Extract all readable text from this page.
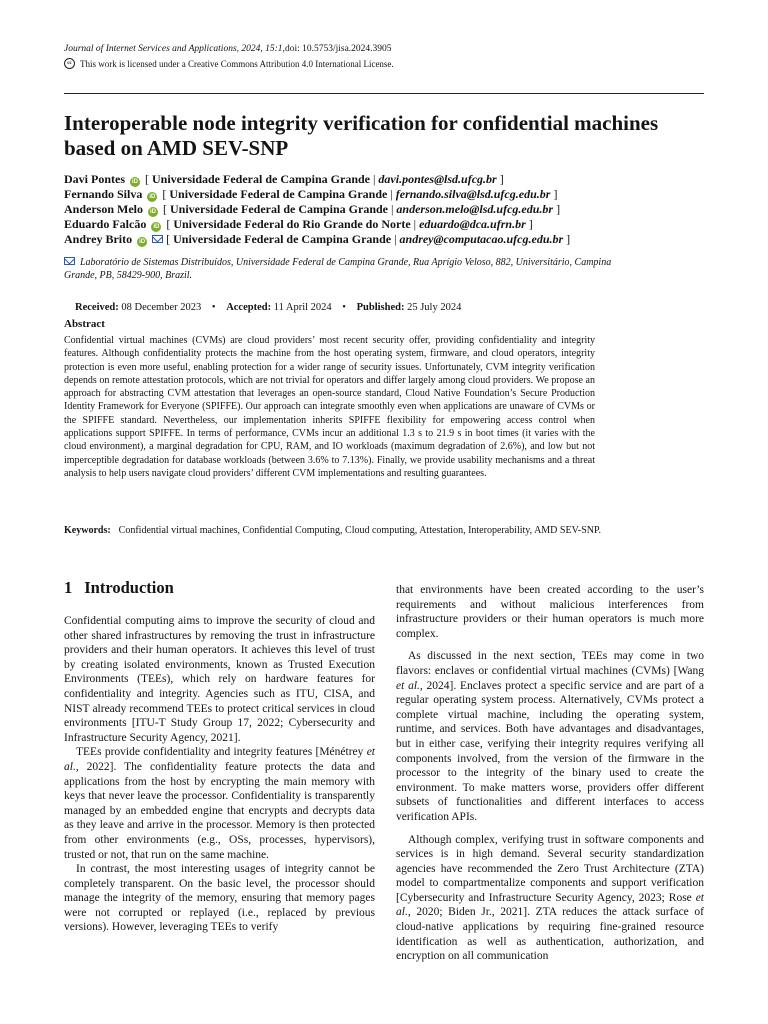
Journal of Internet Services and Applications, 2024, 15:1,doi: 10.5753/jisa.2024.3905
cc This work is licensed under a Creative Commons Attribution 4.0 International License.
Interoperable node integrity verification for confidential machines based on AMD SEV-SNP
Davi Pontes iD [ Universidade Federal de Campina Grande | davi.pontes@lsd.ufcg.br ]
Fernando Silva iD [ Universidade Federal de Campina Grande | fernando.silva@lsd.ufcg.edu.br ]
Anderson Melo iD [ Universidade Federal de Campina Grande | anderson.melo@lsd.ufcg.edu.br ]
Eduardo Falcão iD [ Universidade Federal do Rio Grande do Norte | eduardo@dca.ufrn.br ]
Andrey Brito iD [ Universidade Federal de Campina Grande | andrey@computacao.ufcg.edu.br ]
Laboratório de Sistemas Distribuídos, Universidade Federal de Campina Grande, Rua Aprígio Veloso, 882, Universitário, Campina Grande, PB, 58429-900, Brazil.
Received: 08 December 2023 • Accepted: 11 April 2024 • Published: 25 July 2024
Abstract

Confidential virtual machines (CVMs) are cloud providers’ most recent security offer, providing confidentiality and integrity features. Although confidentiality protects the machine from the host operating system, firmware, and cloud operators, integrity protection is even more useful, enabling protection for a wider range of security issues. Unfortunately, CVM integrity verification depends on remote attestation protocols, which are not trivial for operators and differ largely among cloud providers. We propose an approach for abstracting CVM attestation that leverages an open-source standard, Cloud Native Foundation’s Secure Production Identity Framework for Everyone (SPIFFE). Our approach can integrate smoothly even when applications are unaware of CVMs or the SPIFFE standard. Nevertheless, our implementation inherits SPIFFE flexibility for empowering access control when applications support SPIFFE. In terms of performance, CVMs incur an additional 1.3 s to 21.9 s in boot times (it varies with the cloud environment), a marginal degradation for CPU, RAM, and IO workloads (maximum degradation of 2.6%), and low but not imperceptible degradation for database workloads (between 3.6% to 7.13%). Finally, we provide usability mechanisms and a threat analysis to help users navigate cloud providers’ different CVM implementations and resulting guarantees.

Keywords: Confidential virtual machines, Confidential Computing, Cloud computing, Attestation, Interoperability, AMD SEV-SNP.
1 Introduction

Confidential computing aims to improve the security of cloud and other shared infrastructures by removing the trust in infrastructure providers and their human operators. It achieves this level of trust by creating isolated environments, known as Trusted Execution Environments (TEEs), which rely on hardware features for confidentiality and integrity. Agencies such as ITU, CISA, and NIST already recommend TEEs to protect critical services in cloud environments [ITU-T Study Group 17, 2022; Cybersecurity and Infrastructure Security Agency, 2021].

TEEs provide confidentiality and integrity features [Ménétrey et al., 2022]. The confidentiality feature protects the data and applications from the host by encrypting the main memory with keys that never leave the processor. Confidentiality is transparently managed by an embedded engine that encrypts and decrypts data as they leave and arrive in the processor. Memory is then protected from other environments (e.g., OSs, processes, hypervisors), trusted or not, that run on the same machine.

In contrast, the most interesting usages of integrity cannot be completely transparent. On the basic level, the processor should manage the integrity of the memory, ensuring that memory pages were not corrupted or replayed (i.e., replaced by previous versions). However, leveraging TEEs to verify

that environments have been created according to the user’s requirements and without malicious interferences from infrastructure providers or their human operators is much more complex.

As discussed in the next section, TEEs may come in two flavors: enclaves or confidential virtual machines (CVMs) [Wang et al., 2024]. Enclaves protect a specific service and are part of a regular operating system process. Alternatively, CVMs protect a complete virtual machine, including the operating system, runtime, and services. Both have advantages and disadvantages, but in either case, verifying their integrity requires verifying all components involved, from the version of the firmware in the processor to the integrity of the binary used to create the environment. To make matters worse, providers offer different subsets of functionalities and different interfaces to access verification APIs.

Although complex, verifying trust in software components and services is in high demand. Several security standardization agencies have recommended the Zero Trust Architecture (ZTA) model to compartmentalize components and support verification [Cybersecurity and Infrastructure Security Agency, 2023; Rose et al., 2020; Biden Jr., 2021]. ZTA reduces the attack surface of cloud-native applications by requiring fine-grained resource identification as well as authentication, authorization, and encryption on all communication
